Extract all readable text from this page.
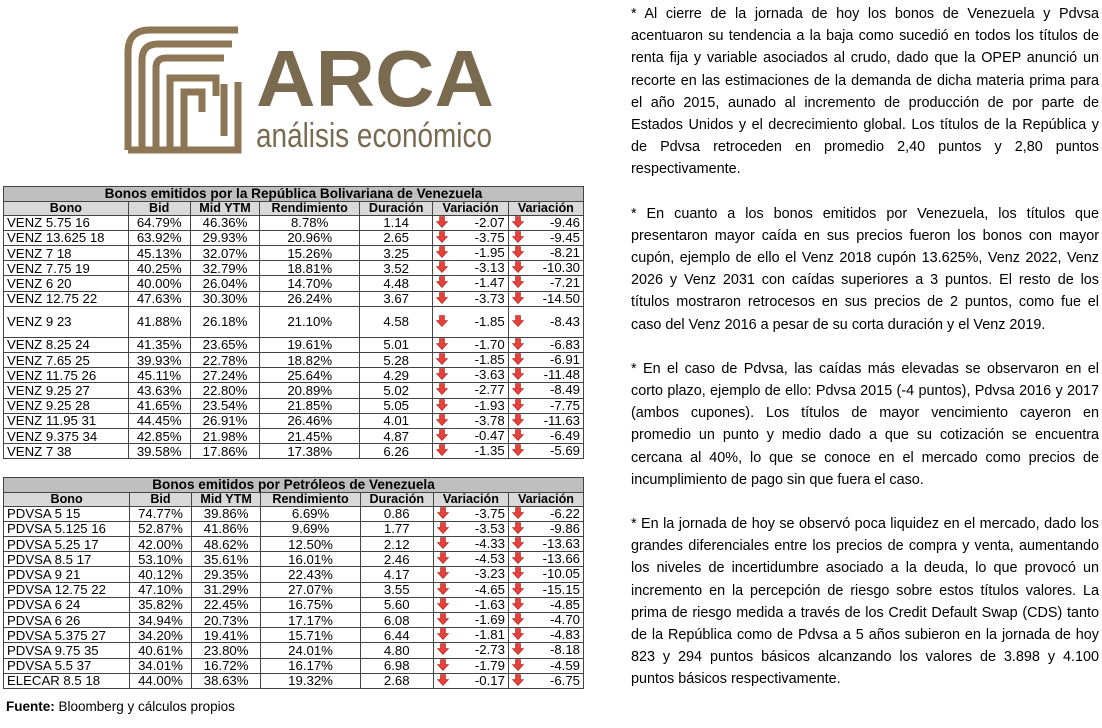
ARCA
análisis económico
Bonos emitidos por la República Bolivariana de Venezuela						
Bono	Bid	Mid YTM	Rendimiento	Duración	Variación	Variación
VENZ 5.75 16	64.79%	46.36%	8.78%	1.14	-2.07	-9.46
VENZ 13.625 18	63.92%	29.93%	20.96%	2.65	-3.75	-9.45
VENZ 7 18	45.13%	32.07%	15.26%	3.25	-1.95	-8.21
VENZ 7.75 19	40.25%	32.79%	18.81%	3.52	-3.13	-10.30
VENZ 6 20	40.00%	26.04%	14.70%	4.48	-1.47	-7.21
VENZ 12.75 22	47.63%	30.30%	26.24%	3.67	-3.73	-14.50
VENZ 9 23	41.88%	26.18%	21.10%	4.58	-1.85	-8.43
VENZ 8.25 24	41.35%	23.65%	19.61%	5.01	-1.70	-6.83
VENZ 7.65 25	39.93%	22.78%	18.82%	5.28	-1.85	-6.91
VENZ 11.75 26	45.11%	27.24%	25.64%	4.29	-3.63	-11.48
VENZ 9.25 27	43.63%	22.80%	20.89%	5.02	-2.77	-8.49
VENZ 9.25 28	41.65%	23.54%	21.85%	5.05	-1.93	-7.75
VENZ 11.95 31	44.45%	26.91%	26.46%	4.01	-3.78	-11.63
VENZ 9.375 34	42.85%	21.98%	21.45%	4.87	-0.47	-6.49
VENZ 7 38	39.58%	17.86%	17.38%	6.26	-1.35	-5.69
Bonos emitidos por Petróleos de Venezuela						
Bono	Bid	Mid YTM	Rendimiento	Duración	Variación	Variación
PDVSA 5 15	74.77%	39.86%	6.69%	0.86	-3.75	-6.22
PDVSA 5.125 16	52.87%	41.86%	9.69%	1.77	-3.53	-9.86
PDVSA 5.25 17	42.00%	48.62%	12.50%	2.12	-4.33	-13.63
PDVSA 8.5 17	53.10%	35.61%	16.01%	2.46	-4.53	-13.66
PDVSA 9 21	40.12%	29.35%	22.43%	4.17	-3.23	-10.05
PDVSA 12.75 22	47.10%	31.29%	27.07%	3.55	-4.65	-15.15
PDVSA 6 24	35.82%	22.45%	16.75%	5.60	-1.63	-4.85
PDVSA 6 26	34.94%	20.73%	17.17%	6.08	-1.69	-4.70
PDVSA 5.375 27	34.20%	19.41%	15.71%	6.44	-1.81	-4.83
PDVSA 9.75 35	40.61%	23.80%	24.01%	4.80	-2.73	-8.18
PDVSA 5.5 37	34.01%	16.72%	16.17%	6.98	-1.79	-4.59
ELECAR 8.5 18	44.00%	38.63%	19.32%	2.68	-0.17	-6.75
Fuente: Bloomberg y cálculos propios

* Al cierre de la jornada de hoy los bonos de Venezuela y Pdvsa acentuaron su tendencia a la baja como sucedió en todos los títulos de renta fija y variable asociados al crudo, dado que la OPEP anunció un recorte en las estimaciones de la demanda de dicha materia prima para el año 2015, aunado al incremento de producción de por parte de Estados Unidos y el decrecimiento global. Los títulos de la República y de Pdvsa retroceden en promedio 2,40 puntos y 2,80 puntos respectivamente.

* En cuanto a los bonos emitidos por Venezuela, los títulos que presentaron mayor caída en sus precios fueron los bonos con mayor cupón, ejemplo de ello el Venz 2018 cupón 13.625%, Venz 2022, Venz 2026 y Venz 2031 con caídas superiores a 3 puntos. El resto de los títulos mostraron retrocesos en sus precios de 2 puntos, como fue el caso del Venz 2016 a pesar de su corta duración y el Venz 2019.

* En el caso de Pdvsa, las caídas más elevadas se observaron en el corto plazo, ejemplo de ello: Pdvsa 2015 (-4 puntos), Pdvsa 2016 y 2017 (ambos cupones). Los títulos de mayor vencimiento cayeron en promedio un punto y medio dado a que su cotización se encuentra cercana al 40%, lo que se conoce en el mercado como precios de incumplimiento de pago sin que fuera el caso.

* En la jornada de hoy se observó poca liquidez en el mercado, dado los grandes diferenciales entre los precios de compra y venta, aumentando los niveles de incertidumbre asociado a la deuda, lo que provocó un incremento en la percepción de riesgo sobre estos títulos valores. La prima de riesgo medida a través de los Credit Default Swap (CDS) tanto de la República como de Pdvsa a 5 años subieron en la jornada de hoy 823 y 294 puntos básicos alcanzando los valores de 3.898 y 4.100 puntos básicos respectivamente.
